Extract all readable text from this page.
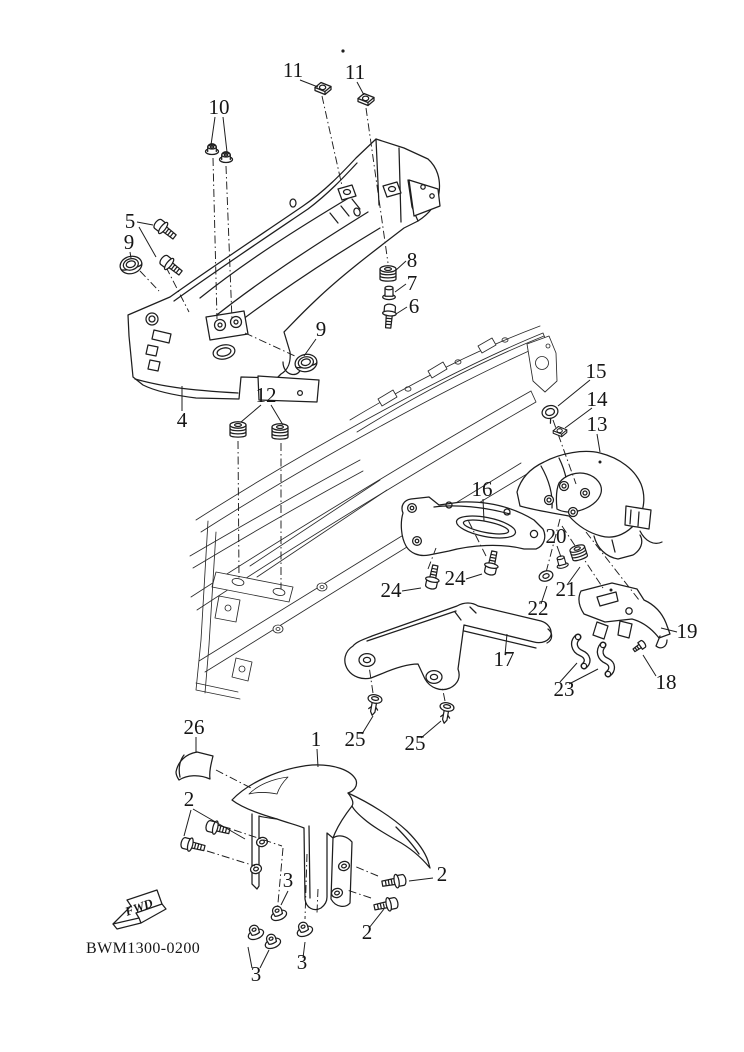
11 11
10
5
9
8
7
6
9
12
4
15
14
13
16
20
24 24	21
22
19
17
18
23
26	1 25 25
2
2
2
3
3
3
FWD
BWM1300-0200
